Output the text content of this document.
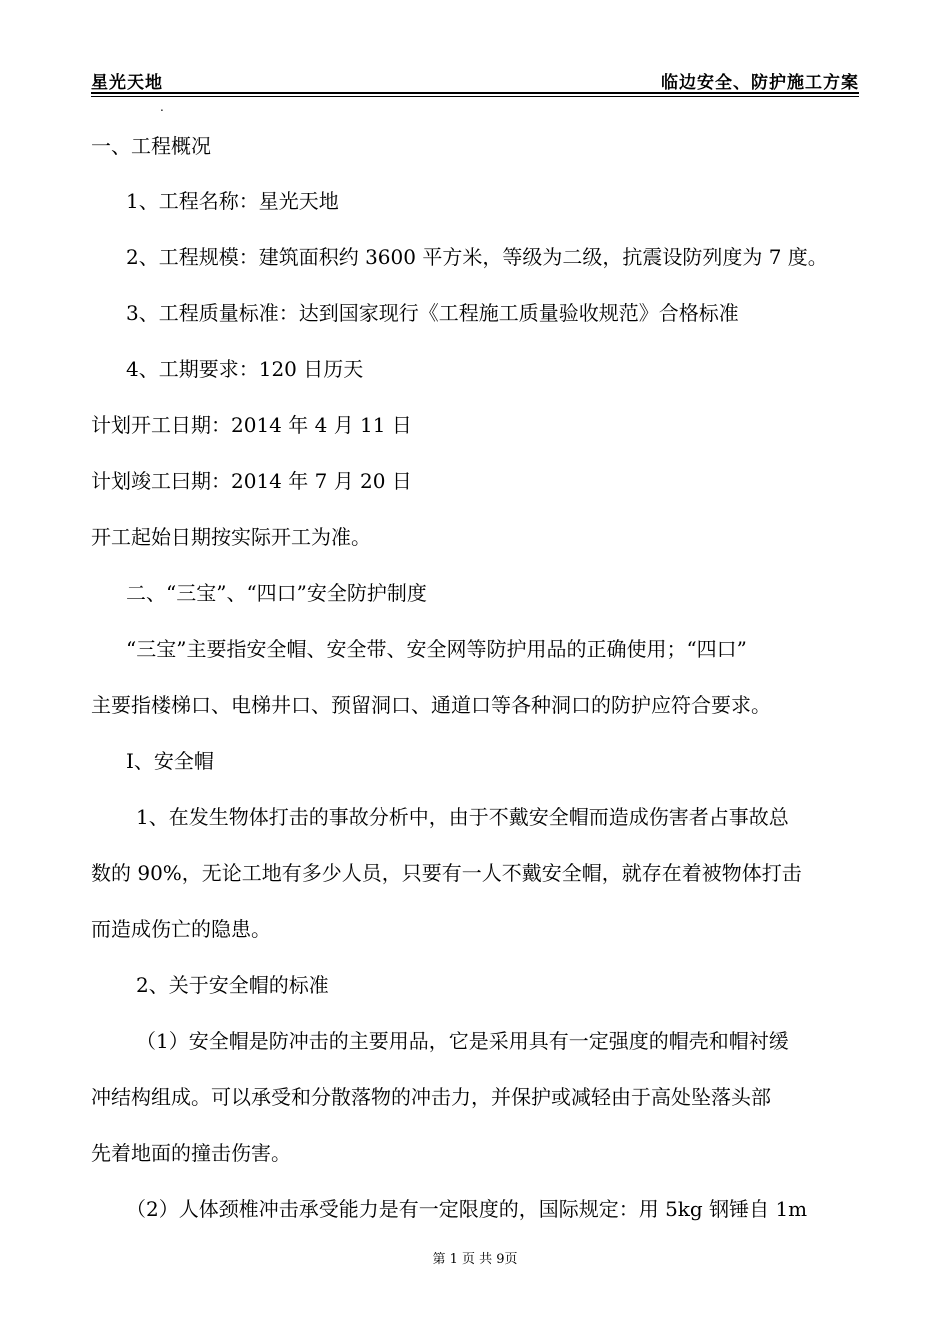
星光天地	临边安全、防护施工方案
.
一、工程概况
1、工程名称：星光天地
2、工程规模：建筑面积约 3600 平方米，等级为二级，抗震设防列度为 7 度。
3、工程质量标准：达到国家现行《工程施工质量验收规范》合格标准
4、工期要求：120 日历天
计划开工日期：2014 年 4 月 11 日
计划竣工曰期：2014 年 7 月 20 日
开工起始日期按实际开工为准。
二、“三宝”、“四口”安全防护制度
“三宝”主要指安全帽、安全带、安全网等防护用品的正确使用；“四口”
主要指楼梯口、电梯井口、预留洞口、通道口等各种洞口的防护应符合要求。
Ⅰ、安全帽
1、在发生物体打击的事故分析中，由于不戴安全帽而造成伤害者占事故总
数的 90%，无论工地有多少人员，只要有一人不戴安全帽，就存在着被物体打击
而造成伤亡的隐患。
2、关于安全帽的标准
（1）安全帽是防冲击的主要用品，它是采用具有一定强度的帽壳和帽衬缓
冲结构组成。可以承受和分散落物的冲击力，并保护或减轻由于高处坠落头部
先着地面的撞击伤害。
（2）人体颈椎冲击承受能力是有一定限度的，国际规定：用 5kg 钢锤自 1m
第 1 页 共 9页
